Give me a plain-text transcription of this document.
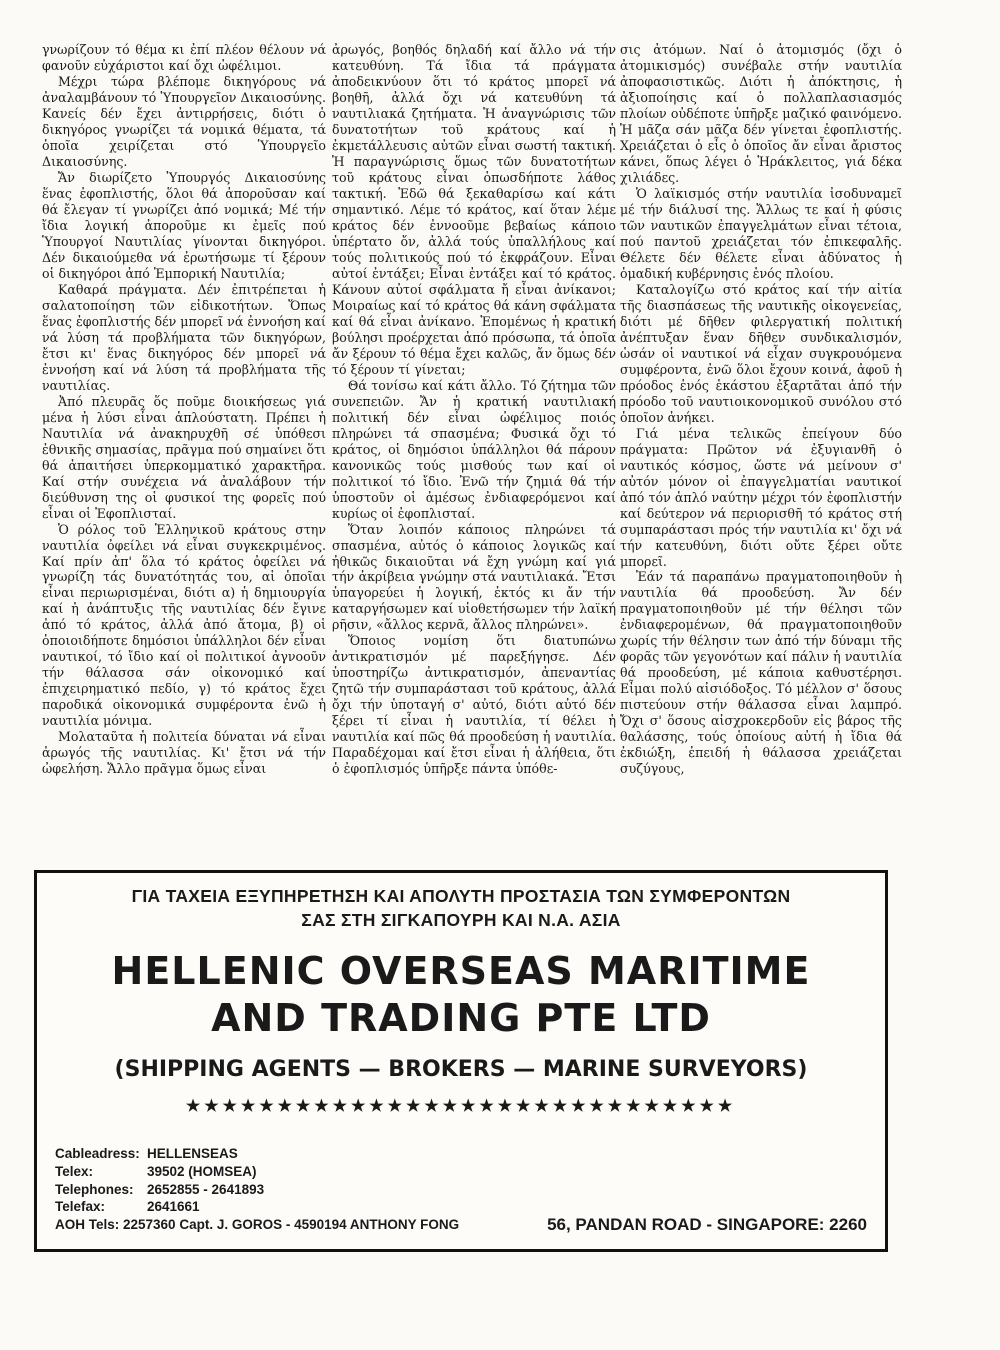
γνωρίζουν τό θέμα κι ἐπί πλέον θέλουν νά φανοῦν εὐχάριστοι καί ὄχι ὠφέλιμοι.

Μέχρι τώρα βλέπομε δικηγόρους νά ἀναλαμβάνουν τό Ὑπουργεῖον Δικαιοσύνης. Κανείς δέν ἔχει ἀντιρρήσεις, διότι ὁ δικηγόρος γνωρίζει τά νομικά θέματα, τά ὁποῖα χειρίζεται στό Ὑπουργεῖο Δικαιοσύνης.

Ἄν διωρίζετο Ὑπουργός Δικαιοσύνης ἕνας ἐφοπλιστής, ὅλοι θά ἀποροῦσαν καί θά ἔλεγαν τί γνωρίζει ἀπό νομικά; Μέ τήν ἴδια λογική ἀποροῦμε κι ἐμεῖς πού Ὑπουργοί Ναυτιλίας γίνονται δικηγόροι. Δέν δικαιούμεθα νά ἐρωτήσωμε τί ξέρουν οἱ δικηγόροι ἀπό Ἐμπορική Ναυτιλία;

Καθαρά πράγματα. Δέν ἐπιτρέπεται ἡ σαλατοποίηση τῶν εἰδικοτήτων. Ὅπως ἕνας ἐφοπλιστής δέν μπορεῖ νά ἐννοήση καί νά λύση τά προβλήματα τῶν δικηγόρων, ἔτσι κι' ἕνας δικηγόρος δέν μπορεῖ νά ἐννοήση καί νά λύση τά προβλήματα τῆς ναυτιλίας.

Ἀπό πλευρᾶς ὅς ποῦμε διοικήσεως γιά μένα ἡ λύσι εἶναι ἁπλούστατη. Πρέπει ἡ Ναυτιλία νά ἀνακηρυχθῆ σέ ὑπόθεσι ἐθνικῆς σημασίας, πρᾶγμα πού σημαίνει ὅτι θά ἀπαιτήσει ὑπερκομματικό χαρακτῆρα. Καί στήν συνέχεια νά ἀναλάβουν τήν διεύθυνση της οἱ φυσικοί της φορεῖς πού εἶναι οἱ Ἐφοπλισταί.

Ὁ ρόλος τοῦ Ἑλληνικοῦ κράτους στην ναυτιλία ὀφείλει νά εἶναι συγκεκριμένος. Καί πρίν ἀπ' ὅλα τό κράτος ὀφείλει νά γνωρίζη τάς δυνατότητάς του, αἱ ὁποῖαι εἶναι περιωρισμέναι, διότι α) ἡ δημιουργία καί ἡ ἀνάπτυξις τῆς ναυτιλίας δέν ἔγινε ἀπό τό κράτος, ἀλλά ἀπό ἄτομα, β) οἱ ὁποιοιδήποτε δημόσιοι ὑπάλληλοι δέν εἶναι ναυτικοί, τό ἴδιο καί οἱ πολιτικοί ἀγνοοῦν τήν θάλασσα σάν οἰκονομικό καί ἐπιχειρηματικό πεδίο, γ) τό κράτος ἔχει παροδικά οἰκονομικά συμφέροντα ἐνῶ ἡ ναυτιλία μόνιμα.

Μολαταῦτα ἡ πολιτεία δύναται νά εἶναι ἀρωγός τῆς ναυτιλίας. Κι' ἔτσι νά τήν ὠφελήση. Ἄλλο πρᾶγμα ὅμως εἶναι

ἀρωγός, βοηθός δηλαδή καί ἄλλο νά τήν κατευθύνη. Τά ἴδια τά πράγματα ἀποδεικνύουν ὅτι τό κράτος μπορεῖ νά βοηθῆ, ἀλλά ὄχι νά κατευθύνη τά ναυτιλιακά ζητήματα. Ἡ ἀναγνώρισις τῶν δυνατοτήτων τοῦ κράτους καί ἡ ἐκμετάλλευσις αὐτῶν εἶναι σωστή τακτική. Ἡ παραγνώρισις ὅμως τῶν δυνατοτήτων τοῦ κράτους εἶναι ὁπωσδήποτε λάθος τακτική. Ἐδῶ θά ξεκαθαρίσω καί κάτι σημαντικό. Λέμε τό κράτος, καί ὅταν λέμε κράτος δέν ἐννοοῦμε βεβαίως κάποιο ὑπέρτατο ὄν, ἀλλά τούς ὑπαλλήλους καί τούς πολιτικούς πού τό ἐκφράζουν. Εἶναι αὐτοί ἐντάξει; Εἶναι ἐντάξει καί τό κράτος. Κάνουν αὐτοί σφάλματα ἤ εἶναι ἀνίκανοι; Μοιραίως καί τό κράτος θά κάνη σφάλματα καί θά εἶναι ἀνίκανο. Ἑπομένως ἡ κρατική βούλησι προέρχεται ἀπό πρόσωπα, τά ὁποῖα ἄν ξέρουν τό θέμα ἔχει καλῶς, ἄν ὅμως δέν τό ξέρουν τί γίνεται;

Θά τονίσω καί κάτι ἄλλο. Τό ζήτημα τῶν συνεπειῶν. Ἄν ἡ κρατική ναυτιλιακή πολιτική δέν εἶναι ὠφέλιμος ποιός πληρώνει τά σπασμένα; Φυσικά ὄχι τό κράτος, οἱ δημόσιοι ὑπάλληλοι θά πάρουν κανονικῶς τούς μισθούς των καί οἱ πολιτικοί τό ἴδιο. Ἐνῶ τήν ζημιά θά τήν ὑποστοῦν οἱ ἀμέσως ἐνδιαφερόμενοι καί κυρίως οἱ ἐφοπλισταί.

Ὅταν λοιπόν κάποιος πληρώνει τά σπασμένα, αὐτός ὁ κάποιος λογικῶς καί ἠθικῶς δικαιοῦται νά ἔχη γνώμη καί γιά τήν ἀκρίβεια γνώμην στά ναυτιλιακά. Ἔτσι ὑπαγορεύει ἡ λογική, ἐκτός κι ἄν τήν καταργήσωμεν καί υἱοθετήσωμεν τήν λαϊκή ρῆσιν, «ἄλλος κερνᾶ, ἄλλος πληρώνει».

Ὅποιος νομίση ὅτι διατυπώνω ἀντικρατισμόν μέ παρεξήγησε. Δέν ὑποστηρίζω ἀντικρατισμόν, ἀπεναντίας ζητῶ τήν συμπαράστασι τοῦ κράτους, ἀλλά ὄχι τήν ὑποταγή σ' αὐτό, διότι αὐτό δέν ξέρει τί εἶναι ἡ ναυτιλία, τί θέλει ἡ ναυτιλία καί πῶς θά προοδεύση ἡ ναυτιλία. Παραδέχομαι καί ἔτσι εἶναι ἡ ἀλήθεια, ὅτι ὁ ἐφοπλισμός ὑπῆρξε πάντα ὑπόθε-

σις ἀτόμων. Ναί ὁ ἀτομισμός (ὄχι ὁ ἀτομικισμός) συνέβαλε στήν ναυτιλία ἀποφασιστικῶς. Διότι ἡ ἀπόκτησις, ἡ ἀξιοποίησις καί ὁ πολλαπλασιασμός πλοίων οὐδέποτε ὑπῆρξε μαζικό φαινόμενο. Ἡ μᾶζα σάν μᾶζα δέν γίνεται ἐφοπλιστής. Χρειάζεται ὁ εἷς ὁ ὁποῖος ἄν εἶναι ἄριστος κάνει, ὅπως λέγει ὁ Ἡράκλειτος, γιά δέκα χιλιάδες.

Ὁ λαϊκισμός στήν ναυτιλία ἰσοδυναμεῖ μέ τήν διάλυσί της. Ἄλλως τε καί ἡ φύσις τῶν ναυτικῶν ἐπαγγελμάτων εἶναι τέτοια, πού παντοῦ χρειάζεται τόν ἐπικεφαλῆς. Θέλετε δέν θέλετε εἶναι ἀδύνατος ἡ ὁμαδική κυβέρνησις ἑνός πλοίου.

Καταλογίζω στό κράτος καί τήν αἰτία τῆς διασπάσεως τῆς ναυτικῆς οἰκογενείας, διότι μέ δῆθεν φιλεργατική πολιτική ἀνέπτυξαν ἕναν δῆθεν συνδικαλισμόν, ὡσάν οἱ ναυτικοί νά εἶχαν συγκρουόμενα συμφέροντα, ἐνῶ ὅλοι ἔχουν κοινά, ἀφοῦ ἡ πρόοδος ἑνός ἑκάστου ἐξαρτᾶται ἀπό τήν πρόοδο τοῦ ναυτιοικονομικοῦ συνόλου στό ὁποῖον ἀνήκει.

Γιά μένα τελικῶς ἐπείγουν δύο πράγματα: Πρῶτον νά ἐξυγιανθῆ ὁ ναυτικός κόσμος, ὥστε νά μείνουν σ' αὐτόν μόνον οἱ ἐπαγγελματίαι ναυτικοί ἀπό τόν ἁπλό ναύτην μέχρι τόν ἐφοπλιστήν καί δεύτερον νά περιορισθῆ τό κράτος στή συμπαράστασι πρός τήν ναυτιλία κι' ὄχι νά τήν κατευθύνη, διότι οὔτε ξέρει οὔτε μπορεῖ.

Ἐάν τά παραπάνω πραγματοποιηθοῦν ἡ ναυτιλία θά προοδεύση. Ἄν δέν πραγματοποιηθοῦν μέ τήν θέλησι τῶν ἐνδιαφερομένων, θά πραγματοποιηθοῦν χωρίς τήν θέλησιν των ἀπό τήν δύναμι τῆς φορᾶς τῶν γεγονότων καί πάλιν ἡ ναυτιλία θά προοδεύση, μέ κάποια καθυστέρησι. Εἶμαι πολύ αἰσιόδοξος. Τό μέλλον σ' ὅσους πιστεύουν στήν θάλασσα εἶναι λαμπρό. Ὄχι σ' ὅσους αἰσχροκερδοῦν εἰς βάρος τῆς θαλάσσης, τούς ὁποίους αὐτή ἡ ἴδια θά ἐκδιώξη, ἐπειδή ἡ θάλασσα χρειάζεται συζύγους,

ΓΙΑ ΤΑΧΕΙΑ ΕΞΥΠΗΡΕΤΗΣΗ ΚΑΙ ΑΠΟΛΥΤΗ ΠΡΟΣΤΑΣΙΑ ΤΩΝ ΣΥΜΦΕΡΟΝΤΩΝ
ΣΑΣ ΣΤΗ ΣΙΓΚΑΠΟΥΡΗ ΚΑΙ Ν.Α. ΑΣΙΑ
HELLENIC OVERSEAS MARITIME
AND TRADING PTE LTD
(SHIPPING AGENTS — BROKERS — MARINE SURVEYORS)
★★★★★★★★★★★★★★★★★★★★★★★★★★★★★★
Cableadress: HELLENSEAS
Telex:	39502 (HOMSEA)
Telephones: 2652855 - 2641893
Telefax:	2641661
AOH Tels: 2257360 Capt. J. GOROS - 4590194 ANTHONY FONG	56, PANDAN ROAD - SINGAPORE: 2260
